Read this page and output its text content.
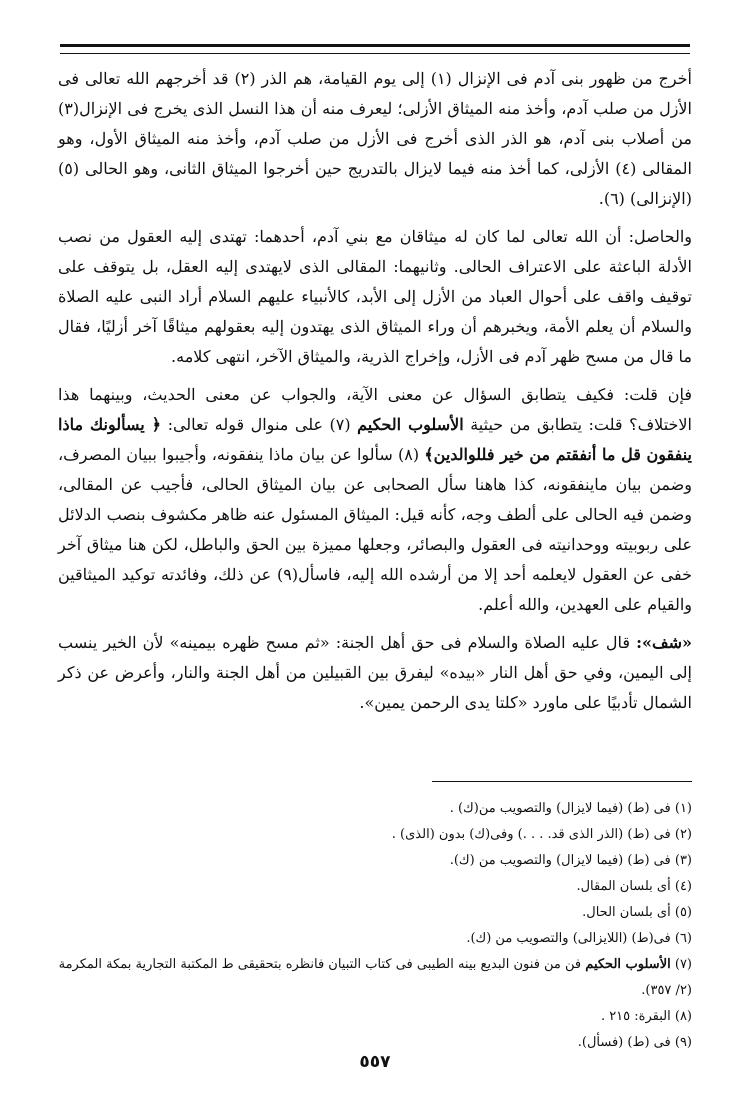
أخرج من ظهور بنى آدم فى الإنزال (١) إلى يوم القيامة، هم الذر (٢) قد أخرجهم الله تعالى فى الأزل من صلب آدم، وأخذ منه الميثاق الأزلى؛ ليعرف منه أن هذا النسل الذى يخرج فى الإنزال(٣) من أصلاب بنى آدم، هو الذر الذى أخرج فى الأزل من صلب آدم، وأخذ منه الميثاق الأول، وهو المقالى (٤) الأزلى، كما أخذ منه فيما لايزال بالتدريج حين أخرجوا الميثاق الثانى، وهو الحالى (٥) (الإنزالى) (٦).

والحاصل: أن الله تعالى لما كان له ميثاقان مع بني آدم، أحدهما: تهتدى إليه العقول من نصب الأدلة الباعثة على الاعتراف الحالى. وثانيهما: المقالى الذى لايهتدى إليه العقل، بل يتوقف على توقيف واقف على أحوال العباد من الأزل إلى الأبد، كالأنبياء عليهم السلام أراد النبى عليه الصلاة والسلام أن يعلم الأمة، ويخبرهم أن وراء الميثاق الذى يهتدون إليه بعقولهم ميثاقًا آخر أزليًا، فقال ما قال من مسح ظهر آدم فى الأزل، وإخراج الذرية، والميثاق الآخر، انتهى كلامه.

فإن قلت: فكيف يتطابق السؤال عن معنى الآية، والجواب عن معنى الحديث، وبينهما هذا الاختلاف؟ قلت: يتطابق من حيثية الأسلوب الحكيم (٧) على منوال قوله تعالى: ﴿ يسألونك ماذا ينفقون قل ما أنفقتم من خير فللوالدين﴾ (٨) سألوا عن بيان ماذا ينفقونه، وأجيبوا ببيان المصرف، وضمن بيان ماينفقونه، كذا هاهنا سأل الصحابى عن بيان الميثاق الحالى، فأجيب عن المقالى، وضمن فيه الحالى على ألطف وجه، كأنه قيل: الميثاق المسئول عنه ظاهر مكشوف بنصب الدلائل على ربوبيته ووحدانيته فى العقول والبصائر، وجعلها مميزة بين الحق والباطل، لكن هنا ميثاق آخر خفى عن العقول لايعلمه أحد إلا من أرشده الله إليه، فاسأل(٩) عن ذلك، وفائدته توكيد الميثاقين والقيام على العهدين، والله أعلم.

«شف»: قال عليه الصلاة والسلام فى حق أهل الجنة: «ثم مسح ظهره بيمينه» لأن الخير ينسب إلى اليمين، وفي حق أهل النار «بيده» ليفرق بين القبيلين من أهل الجنة والنار، وأعرض عن ذكر الشمال تأدبيًا على ماورد «كلتا يدى الرحمن يمين».

(١) فى (ط) (فيما لايزال) والتصويب من(ك) .
(٢) فى (ط) (الذر الذى قد. . . .) وفى(ك) بدون (الذى) .
(٣) فى (ط) (فيما لايزال) والتصويب من (ك).
(٤) أى بلسان المقال.
(٥) أى بلسان الحال.
(٦) فى(ط) (اللايزالى) والتصويب من (ك).
(٧) الأسلوب الحكيم فن من فنون البديع بينه الطيبى فى كتاب التبيان فانظره بتحقيقى ط المكتبة التجارية بمكة المكرمة (٢/ ٣٥٧).
(٨) البقرة: ٢١٥ .
(٩) فى (ط) (فسأل).
٥٥٧
